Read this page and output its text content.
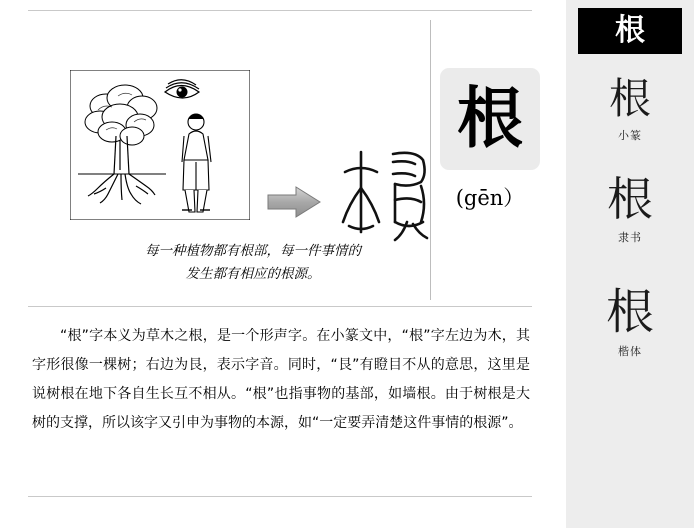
每一种植物都有根部，每一件事情的
发生都有相应的根源。
根
(gēn）
“根”字本义为草木之根，是一个形声字。在小篆文中，“根”字左边为木，其字形很像一棵树；右边为艮，表示字音。同时，“艮”有瞪目不从的意思，这里是说树根在地下各自生长互不相从。“根”也指事物的基部，如墙根。由于树根是大树的支撑，所以该字又引申为事物的本源，如“一定要弄清楚这件事情的根源”。
根
根
小篆
根
隶书
根
楷体
